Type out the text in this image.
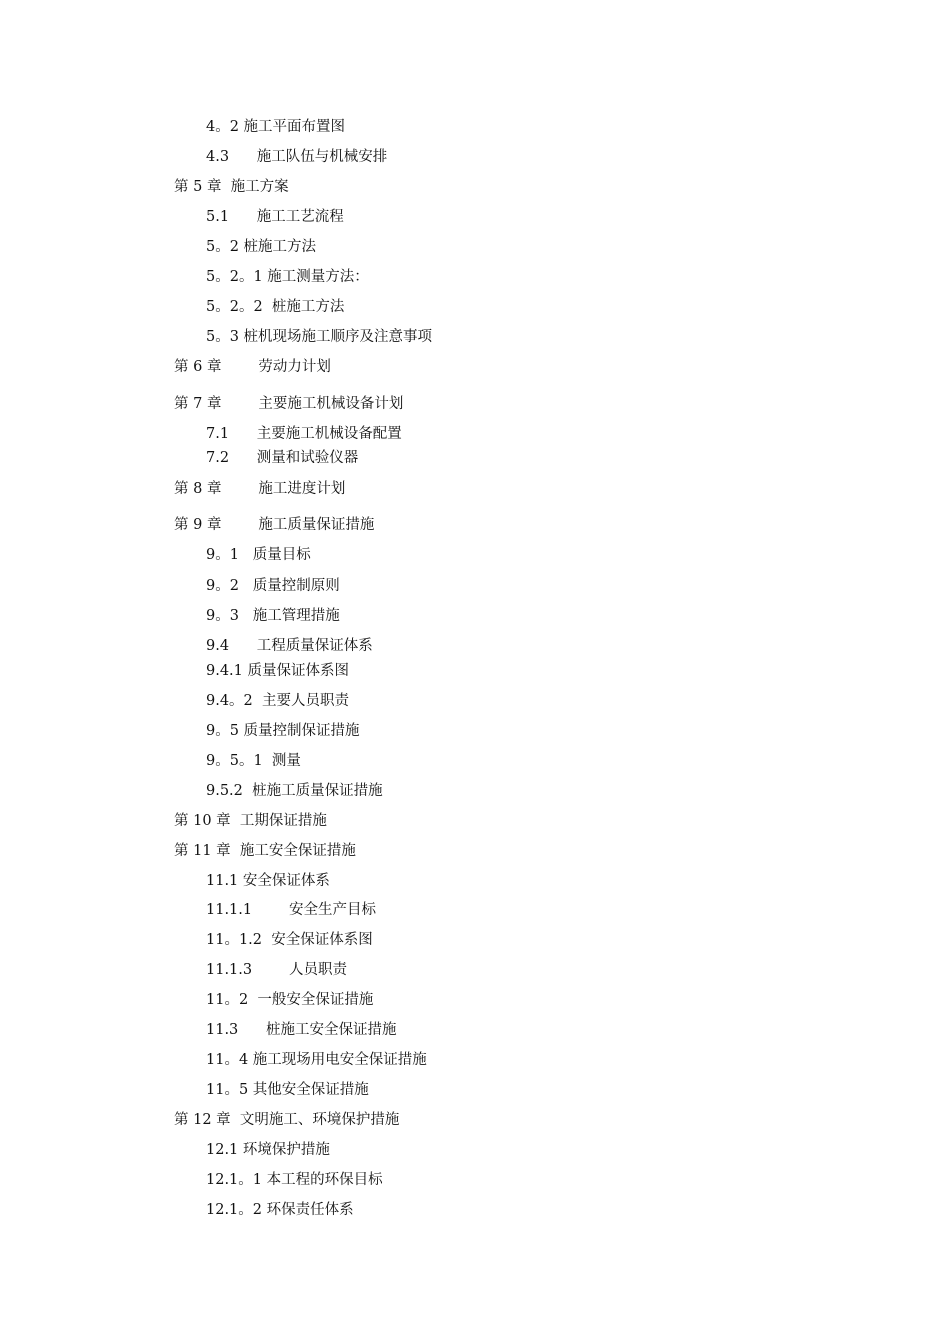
4。2 施工平面布置图
4.3      施工队伍与机械安排
第 5 章  施工方案
5.1      施工工艺流程
5。2 桩施工方法
5。2。1 施工测量方法：
5。2。2  桩施工方法
5。3 桩机现场施工顺序及注意事项
第 6 章        劳动力计划
第 7 章        主要施工机械设备计划
7.1      主要施工机械设备配置
7.2      测量和试验仪器
第 8 章        施工进度计划
第 9 章        施工质量保证措施
9。1   质量目标
9。2   质量控制原则
9。3   施工管理措施
9.4      工程质量保证体系
9.4.1 质量保证体系图
9.4。2  主要人员职责
9。5 质量控制保证措施
9。5。1  测量
9.5.2  桩施工质量保证措施
第 10 章  工期保证措施
第 11 章  施工安全保证措施
11.1 安全保证体系
11.1.1        安全生产目标
11。1.2  安全保证体系图
11.1.3        人员职责
11。2  一般安全保证措施
11.3      桩施工安全保证措施
11。4 施工现场用电安全保证措施
11。5 其他安全保证措施
第 12 章  文明施工、环境保护措施
12.1 环境保护措施
12.1。1 本工程的环保目标
12.1。2 环保责任体系
